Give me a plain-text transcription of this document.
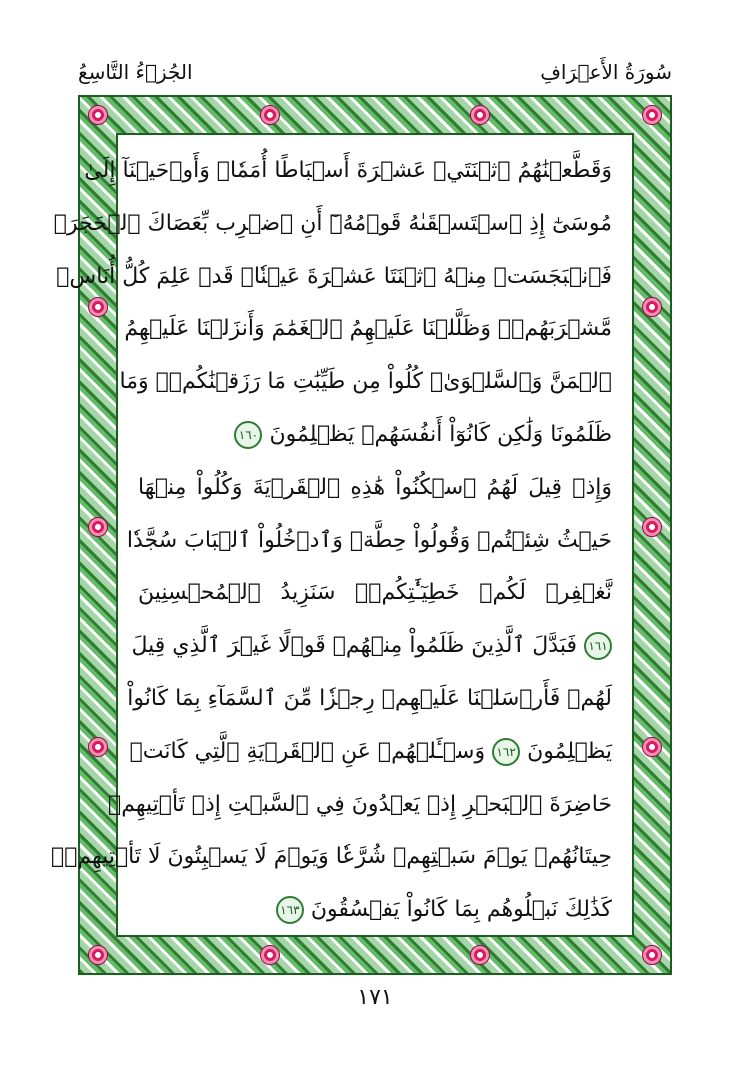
سُورَةُ الأَعۡرَافِ
الجُزۡءُ التَّاسِعُ
وَقَطَّعۡنَٰهُمُ ٱثۡنَتَيۡ عَشۡرَةَ أَسۡبَاطًا أُمَمٗاۚ وَأَوۡحَيۡنَآ إِلَىٰ
مُوسَىٰٓ إِذِ ٱسۡتَسۡقَىٰهُ قَوۡمُهُۥٓ أَنِ ٱضۡرِب بِّعَصَاكَ ٱلۡحَجَرَۖ
فَٱنۢبَجَسَتۡ مِنۡهُ ٱثۡنَتَا عَشۡرَةَ عَيۡنٗاۖ قَدۡ عَلِمَ كُلُّ أُنَاسٖ
مَّشۡرَبَهُمۡۚ وَظَلَّلۡنَا عَلَيۡهِمُ ٱلۡغَمَٰمَ وَأَنزَلۡنَا عَلَيۡهِمُ
ٱلۡمَنَّ وَٱلسَّلۡوَىٰۖ كُلُواْ مِن طَيِّبَٰتِ مَا رَزَقۡنَٰكُمۡۚ وَمَا
ظَلَمُونَا وَلَٰكِن كَانُوٓاْ أَنفُسَهُمۡ يَظۡلِمُونَ ١٦٠
وَإِذۡ قِيلَ لَهُمُ ٱسۡكُنُواْ هَٰذِهِ ٱلۡقَرۡيَةَ وَكُلُواْ مِنۡهَا
حَيۡثُ شِئۡتُمۡ وَقُولُواْ حِطَّةٞ وَٱدۡخُلُواْ ٱلۡبَابَ سُجَّدٗا
نَّغۡفِرۡ لَكُمۡ خَطِيٓـَٰٔتِكُمۡۚ سَنَزِيدُ ٱلۡمُحۡسِنِينَ
١٦١ فَبَدَّلَ ٱلَّذِينَ ظَلَمُواْ مِنۡهُمۡ قَوۡلًا غَيۡرَ ٱلَّذِي قِيلَ
لَهُمۡ فَأَرۡسَلۡنَا عَلَيۡهِمۡ رِجۡزٗا مِّنَ ٱلسَّمَآءِ بِمَا كَانُواْ
يَظۡلِمُونَ ١٦٢ وَسۡـَٔلۡهُمۡ عَنِ ٱلۡقَرۡيَةِ ٱلَّتِي كَانَتۡ
حَاضِرَةَ ٱلۡبَحۡرِ إِذۡ يَعۡدُونَ فِي ٱلسَّبۡتِ إِذۡ تَأۡتِيهِمۡ
حِيتَانُهُمۡ يَوۡمَ سَبۡتِهِمۡ شُرَّعٗا وَيَوۡمَ لَا يَسۡبِتُونَ لَا تَأۡتِيهِمۡۚ
كَذَٰلِكَ نَبۡلُوهُم بِمَا كَانُواْ يَفۡسُقُونَ ١٦٣
١٧١
